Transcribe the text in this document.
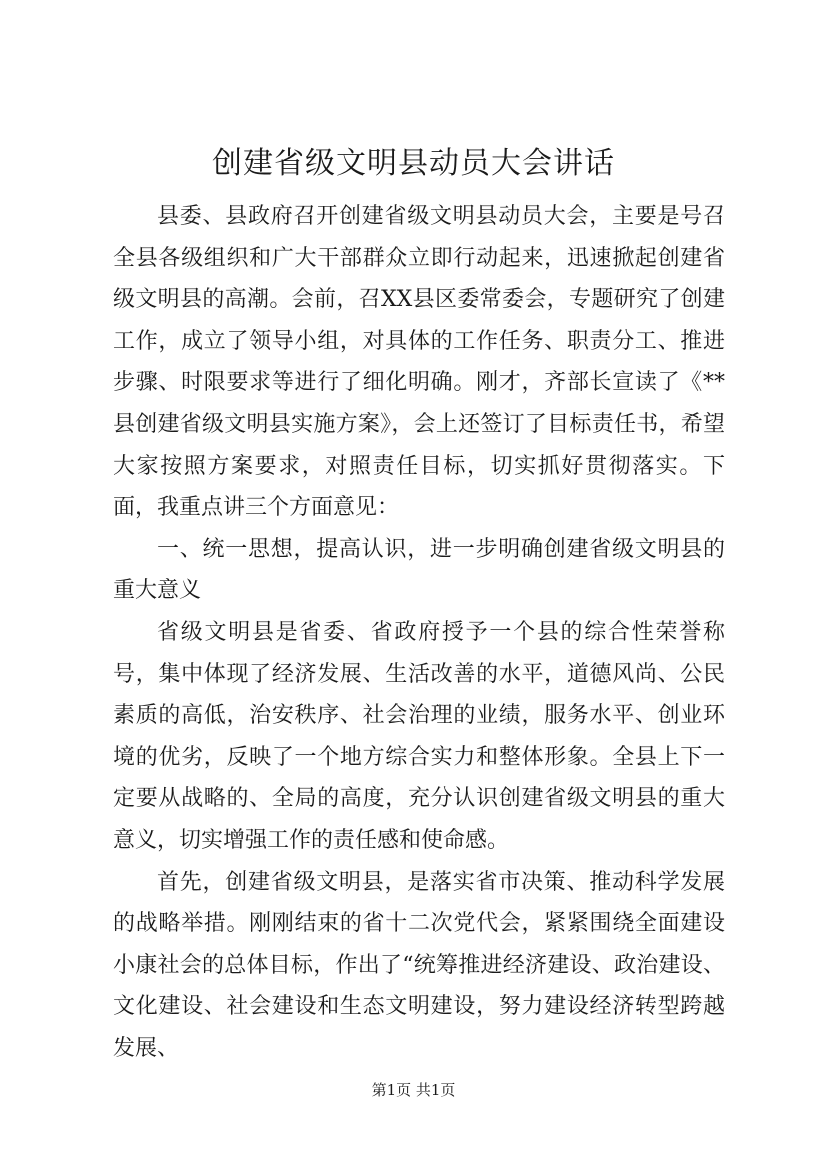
创建省级文明县动员大会讲话

县委、县政府召开创建省级文明县动员大会，主要是号召全县各级组织和广大干部群众立即行动起来，迅速掀起创建省级文明县的高潮。会前，召XX县区委常委会，专题研究了创建工作，成立了领导小组，对具体的工作任务、职责分工、推进步骤、时限要求等进行了细化明确。刚才，齐部长宣读了《**县创建省级文明县实施方案》，会上还签订了目标责任书，希望大家按照方案要求，对照责任目标，切实抓好贯彻落实。下面，我重点讲三个方面意见：

一、统一思想，提高认识，进一步明确创建省级文明县的重大意义

省级文明县是省委、省政府授予一个县的综合性荣誉称号，集中体现了经济发展、生活改善的水平，道德风尚、公民素质的高低，治安秩序、社会治理的业绩，服务水平、创业环境的优劣，反映了一个地方综合实力和整体形象。全县上下一定要从战略的、全局的高度，充分认识创建省级文明县的重大意义，切实增强工作的责任感和使命感。

首先，创建省级文明县，是落实省市决策、推动科学发展的战略举措。刚刚结束的省十二次党代会，紧紧围绕全面建设小康社会的总体目标，作出了“统筹推进经济建设、政治建设、文化建设、社会建设和生态文明建设，努力建设经济转型跨越发展、

第1页 共1页
